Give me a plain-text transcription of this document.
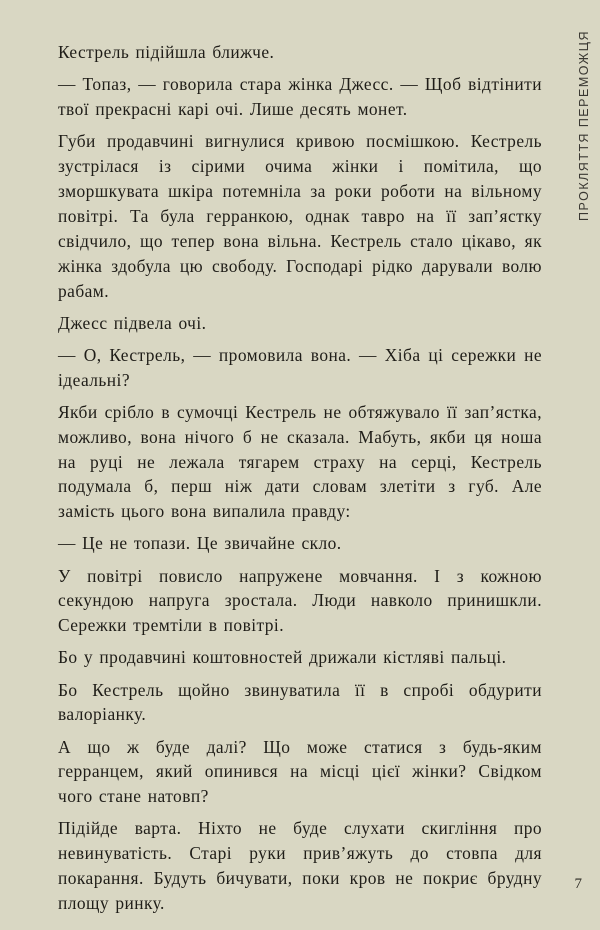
ПРОКЛЯТТЯ ПЕРЕМОЖЦЯ

Кестрель підійшла ближче.

— Топаз, — говорила стара жінка Джесс. — Щоб відтінити твої прекрасні карі очі. Лише десять монет.

Губи продавчині вигнулися кривою посмішкою. Кестрель зустрілася із сірими очима жінки і помітила, що зморшкувата шкіра потемніла за роки роботи на вільному повітрі. Та була герранкою, однак тавро на її зап’ястку свідчило, що тепер вона вільна. Кестрель стало цікаво, як жінка здобула цю свободу. Господарі рідко дарували волю рабам.

Джесс підвела очі.

— О, Кестрель, — промовила вона. — Хіба ці сережки не ідеальні?

Якби срібло в сумочці Кестрель не обтяжувало її зап’ястка, можливо, вона нічого б не сказала. Мабуть, якби ця ноша на руці не лежала тягарем страху на серці, Кестрель подумала б, перш ніж дати словам злетіти з губ. Але замість цього вона випалила правду:

— Це не топази. Це звичайне скло.

У повітрі повисло напружене мовчання. І з кожною секундою напруга зростала. Люди навколо принишкли. Сережки тремтіли в повітрі.

Бо у продавчині коштовностей дрижали кістляві пальці.

Бо Кестрель щойно звинуватила її в спробі обдурити валоріанку.

А що ж буде далі? Що може статися з будь-яким герранцем, який опинився на місці цієї жінки? Свідком чого стане натовп?

Підійде варта. Ніхто не буде слухати скигління про невинуватість. Старі руки прив’яжуть до стовпа для покарання. Будуть бичувати, поки кров не покриє брудну площу ринку.

7
